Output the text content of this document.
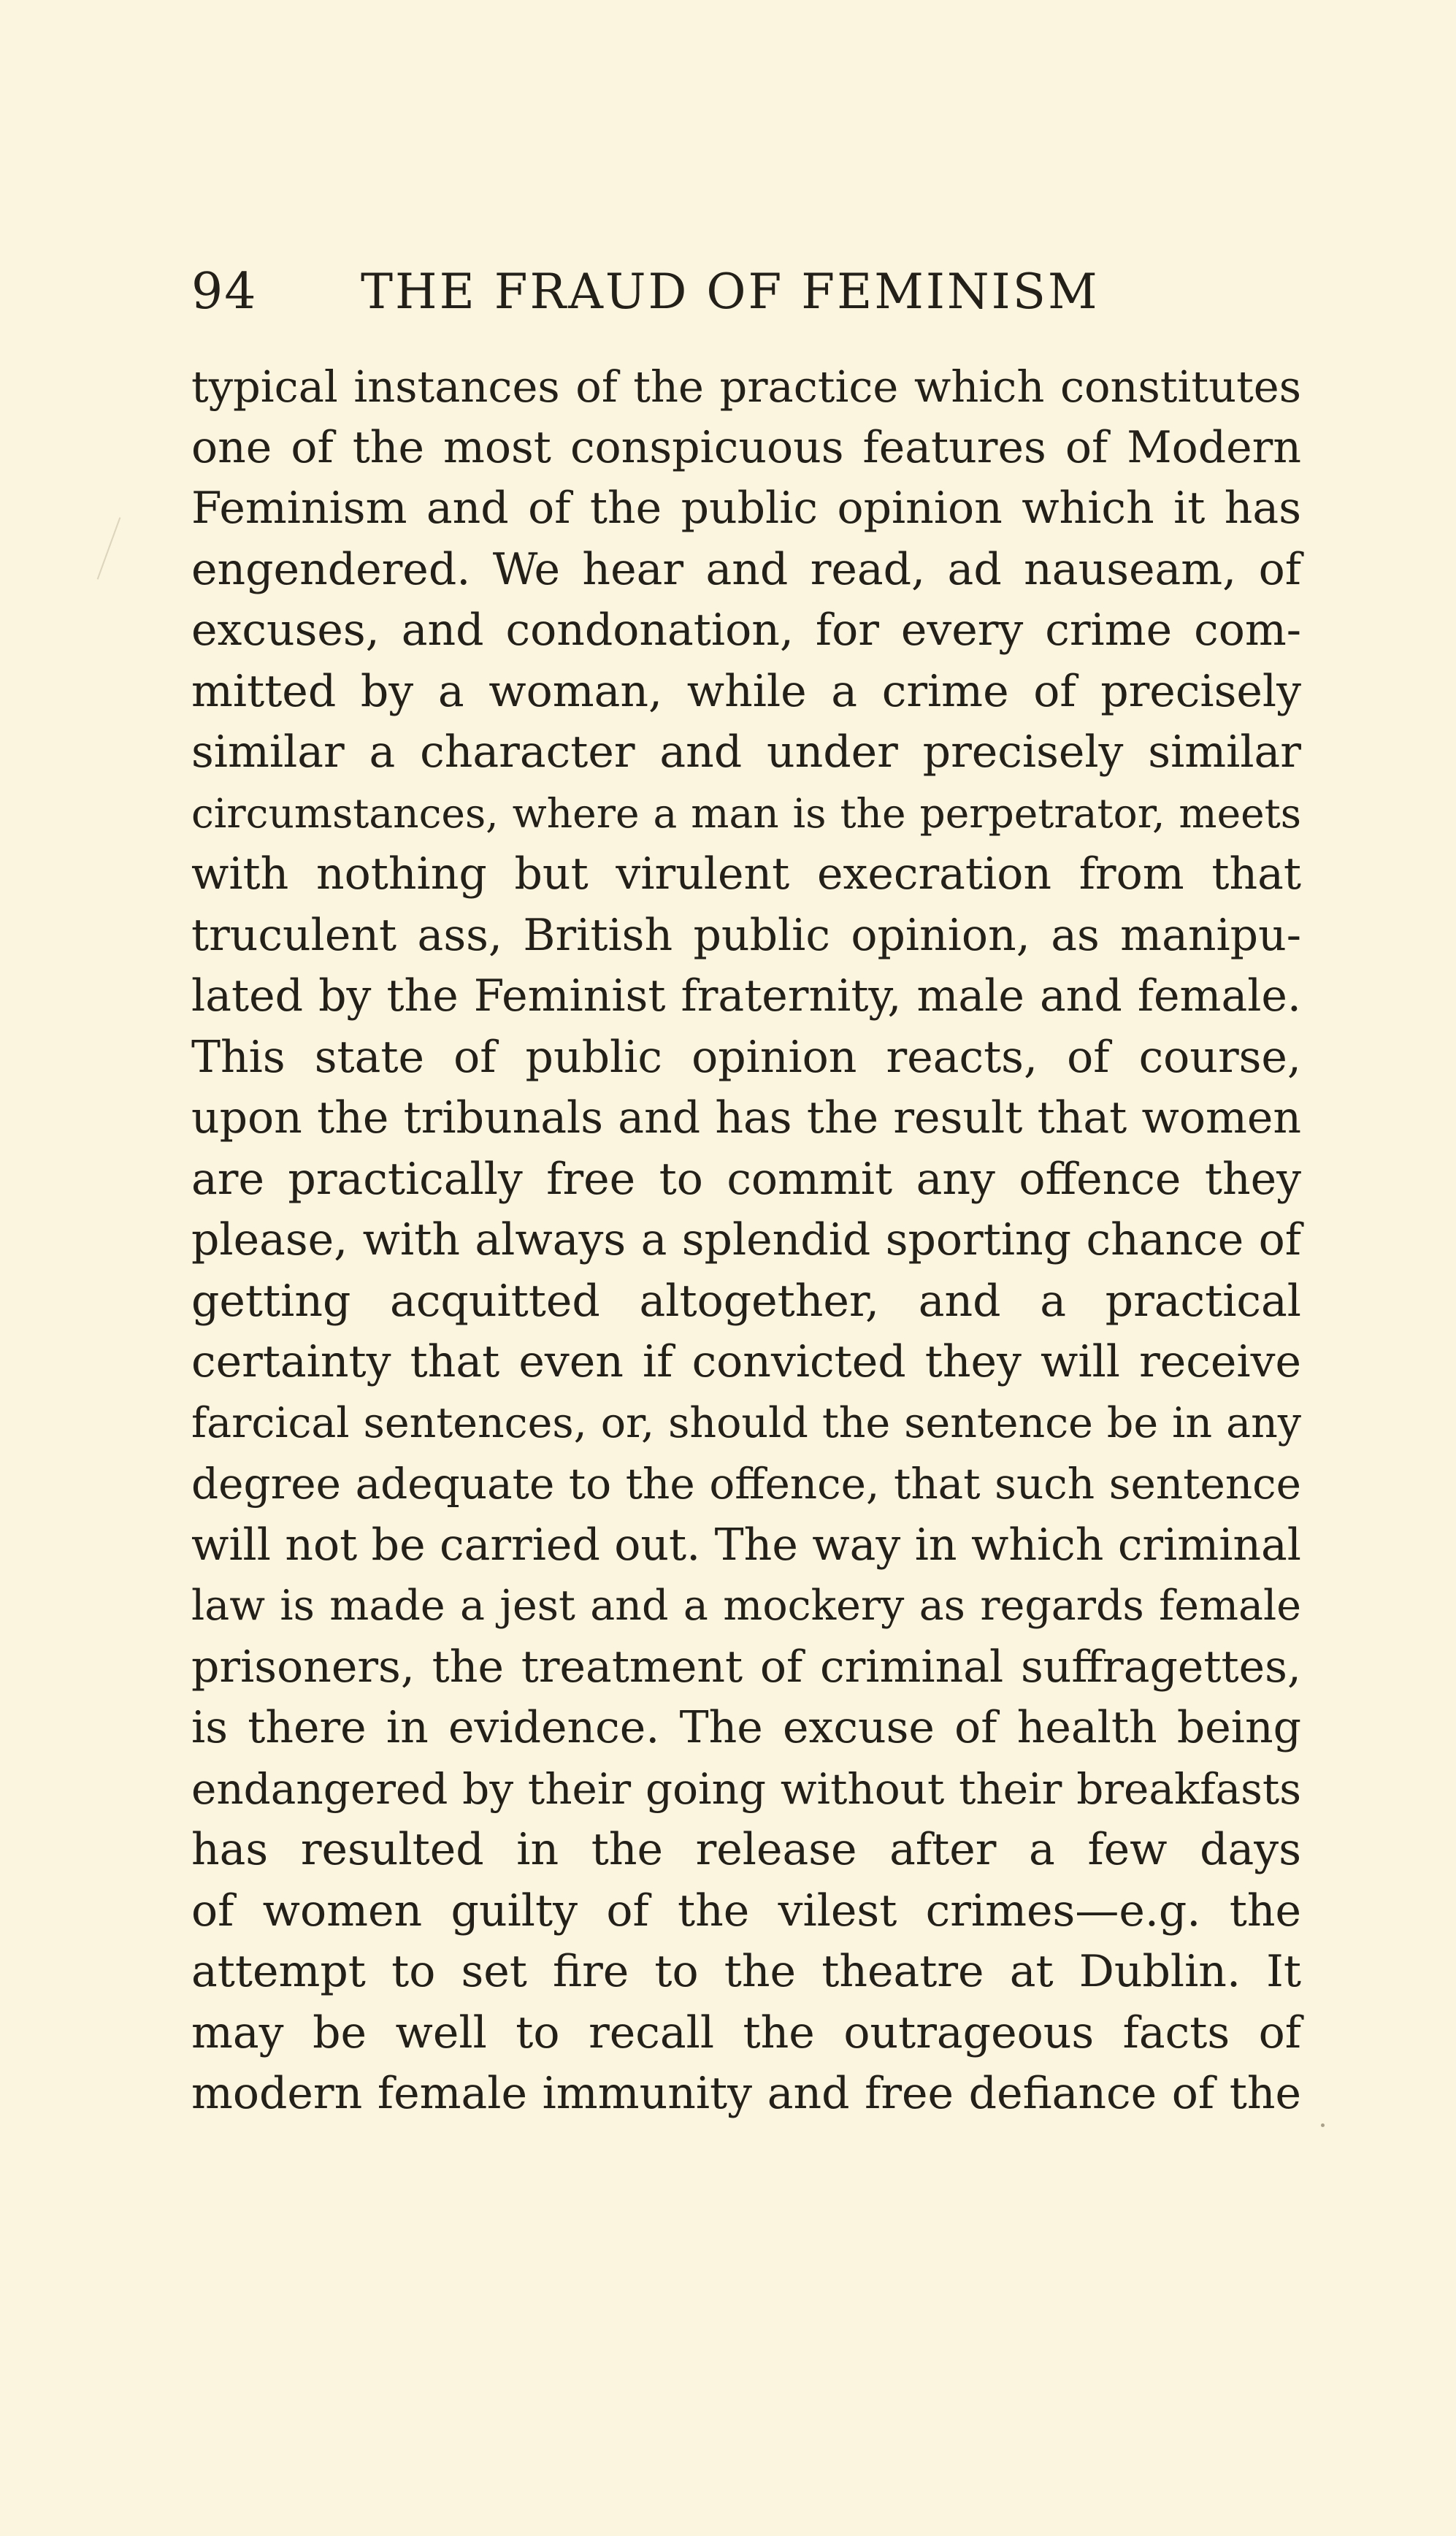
94 THE FRAUD OF FEMINISM
typical instances of the practice which constitutes
one of the most conspicuous features of Modern
Feminism and of the public opinion which it has
engendered. We hear and read, ad nauseam, of
excuses, and condonation, for every crime com-
mitted by a woman, while a crime of precisely
similar a character and under precisely similar
circumstances, where a man is the perpetrator, meets
with nothing but virulent execration from that
truculent ass, British public opinion, as manipu-
lated by the Feminist fraternity, male and female.
This state of public opinion reacts, of course,
upon the tribunals and has the result that women
are practically free to commit any offence they
please, with always a splendid sporting chance of
getting acquitted altogether, and a practical
certainty that even if convicted they will receive
farcical sentences, or, should the sentence be in any
degree adequate to the offence, that such sentence
will not be carried out. The way in which criminal
law is made a jest and a mockery as regards female
prisoners, the treatment of criminal suffragettes,
is there in evidence. The excuse of health being
endangered by their going without their breakfasts
has resulted in the release after a few days
of women guilty of the vilest crimes—e.g. the
attempt to set fire to the theatre at Dublin. It
may be well to recall the outrageous facts of
modern female immunity and free defiance of the
